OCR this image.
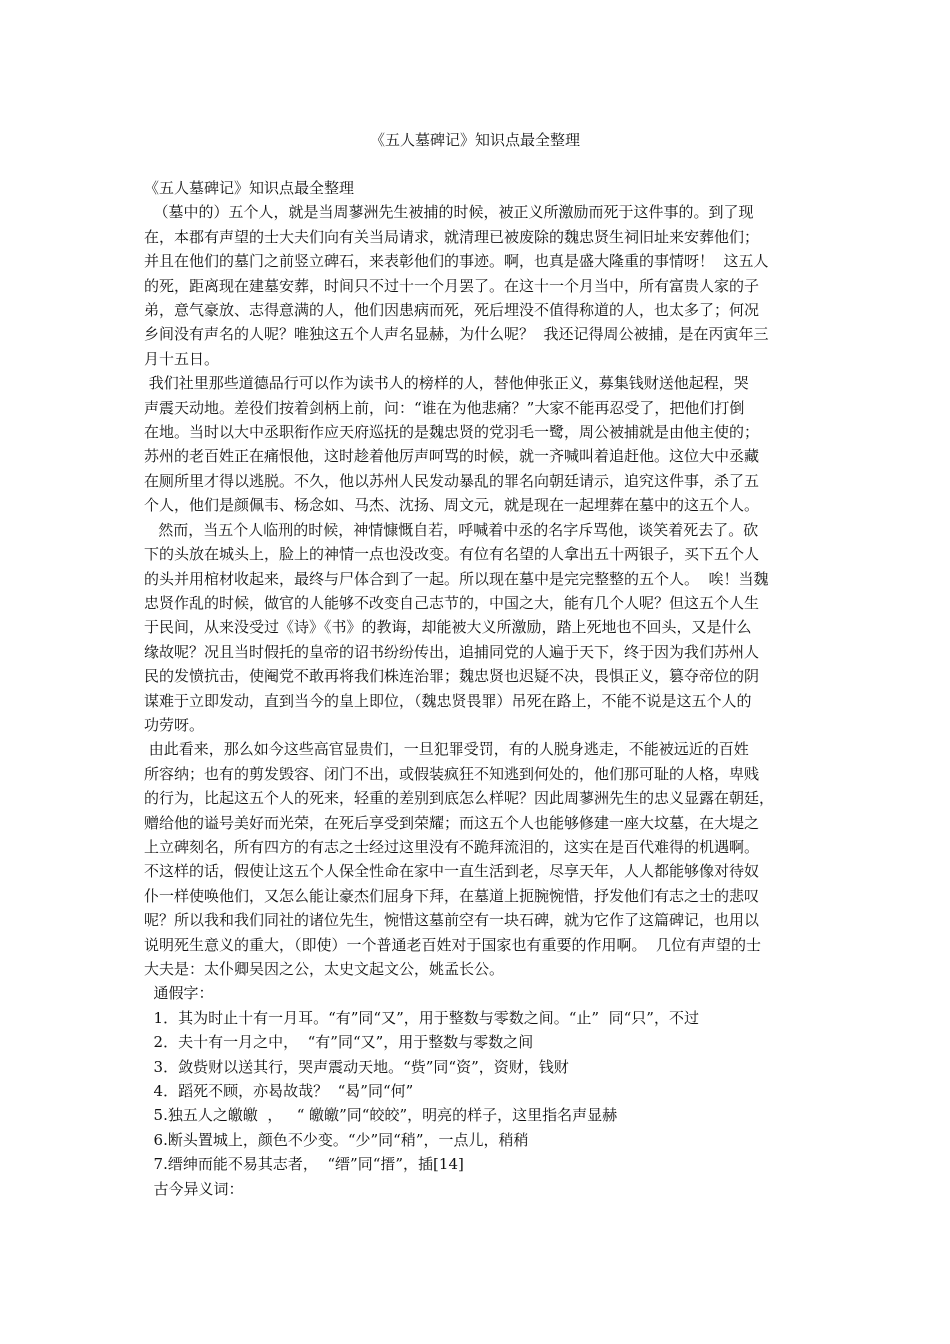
《五人墓碑记》知识点最全整理
《五人墓碑记》知识点最全整理
（墓中的）五个人，就是当周蓼洲先生被捕的时候，被正义所激励而死于这件事的。到了现
在，本郡有声望的士大夫们向有关当局请求，就清理已被废除的魏忠贤生祠旧址来安葬他们；
并且在他们的墓门之前竖立碑石，来表彰他们的事迹。啊，也真是盛大隆重的事情呀！  这五人
的死，距离现在建墓安葬，时间只不过十一个月罢了。在这十一个月当中，所有富贵人家的子
弟，意气豪放、志得意满的人，他们因患病而死，死后埋没不值得称道的人，也太多了；何况
乡间没有声名的人呢？唯独这五个人声名显赫，为什么呢？  我还记得周公被捕，是在丙寅年三
月十五日。
我们社里那些道德品行可以作为读书人的榜样的人，替他伸张正义，募集钱财送他起程，哭
声震天动地。差役们按着剑柄上前，问：“谁在为他悲痛？”大家不能再忍受了，把他们打倒
在地。当时以大中丞职衔作应天府巡抚的是魏忠贤的党羽毛一鹭，周公被捕就是由他主使的；
苏州的老百姓正在痛恨他，这时趁着他厉声呵骂的时候，就一齐喊叫着追赶他。这位大中丞藏
在厕所里才得以逃脱。不久，他以苏州人民发动暴乱的罪名向朝廷请示，追究这件事，杀了五
个人，他们是颜佩韦、杨念如、马杰、沈扬、周文元，就是现在一起埋葬在墓中的这五个人。
然而，当五个人临刑的时候，神情慷慨自若，呼喊着中丞的名字斥骂他，谈笑着死去了。砍
下的头放在城头上，脸上的神情一点也没改变。有位有名望的人拿出五十两银子，买下五个人
的头并用棺材收起来，最终与尸体合到了一起。所以现在墓中是完完整整的五个人。  唉！当魏
忠贤作乱的时候，做官的人能够不改变自己志节的，中国之大，能有几个人呢？但这五个人生
于民间，从来没受过《诗》《书》的教诲，却能被大义所激励，踏上死地也不回头，又是什么
缘故呢？况且当时假托的皇帝的诏书纷纷传出，追捕同党的人遍于天下，终于因为我们苏州人
民的发愤抗击，使阉党不敢再将我们株连治罪；魏忠贤也迟疑不决，畏惧正义，篡夺帝位的阴
谋难于立即发动，直到当今的皇上即位，（魏忠贤畏罪）吊死在路上，不能不说是这五个人的
功劳呀。
由此看来，那么如今这些高官显贵们，一旦犯罪受罚，有的人脱身逃走，不能被远近的百姓
所容纳；也有的剪发毁容、闭门不出，或假装疯狂不知逃到何处的，他们那可耻的人格，卑贱
的行为，比起这五个人的死来，轻重的差别到底怎么样呢？因此周蓼洲先生的忠义显露在朝廷，
赠给他的谥号美好而光荣，在死后享受到荣耀；而这五个人也能够修建一座大坟墓，在大堤之
上立碑刻名，所有四方的有志之士经过这里没有不跪拜流泪的，这实在是百代难得的机遇啊。
不这样的话，假使让这五个人保全性命在家中一直生活到老，尽享天年，人人都能够像对待奴
仆一样使唤他们，又怎么能让豪杰们屈身下拜，在墓道上扼腕惋惜，抒发他们有志之士的悲叹
呢？所以我和我们同社的诸位先生，惋惜这墓前空有一块石碑，就为它作了这篇碑记，也用以
说明死生意义的重大，（即使）一个普通老百姓对于国家也有重要的作用啊。  几位有声望的士
大夫是：太仆卿吴因之公，太史文起文公，姚孟长公。
通假字：
1．其为时止十有一月耳。“有”同“又”，用于整数与零数之间。“止”  同“只”，不过
2．夫十有一月之中，  “有”同“又”，用于整数与零数之间
3．敛赀财以送其行，哭声震动天地。“赀”同“资”，资财，钱财
4．蹈死不顾，亦曷故哉？  “曷”同“何”
5.独五人之皦皦  ，   “ 皦皦”同“皎皎”，明亮的样子，这里指名声显赫
6.断头置城上，颜色不少变。“少”同“稍”，一点儿，稍稍
7.缙绅而能不易其志者，  “缙”同“搢”，插[14]
古今异义词：
